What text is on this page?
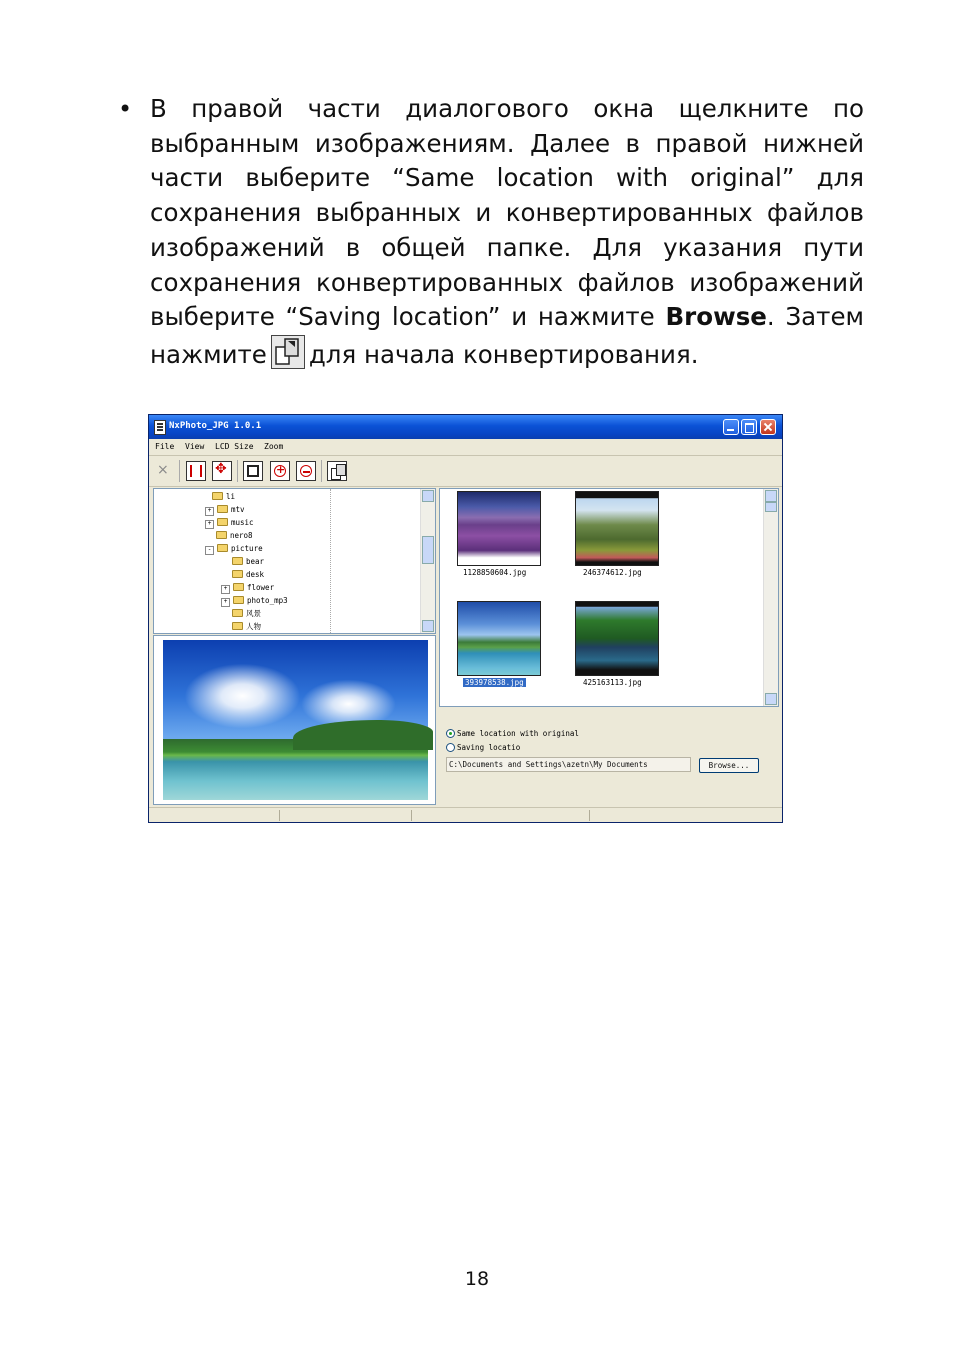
• В правой части диалогового окна щелкните по выбранным изображениям. Далее в правой нижней части выберите “Same location with original” для сохранения выбранных и конвертированных файлов изображений в общей папке. Для указания пути сохранения конвертированных файлов изображений выберите “Saving location” и нажмите Browse. Затем нажмите для начала конвертирования.
NxPhoto_JPG 1.0.1
File View LCD Size Zoom
×
✥
+
li
+	mtv
+	music
nero8
-	picture
bear
desk
+	flower
+	photo_mp3
风景
人物
1128850604.jpg	246374612.jpg
393978538.jpg	425163113.jpg
Same location with original
Saving locatio
C:\Documents and Settings\azetn\My Documents	Browse...
18
